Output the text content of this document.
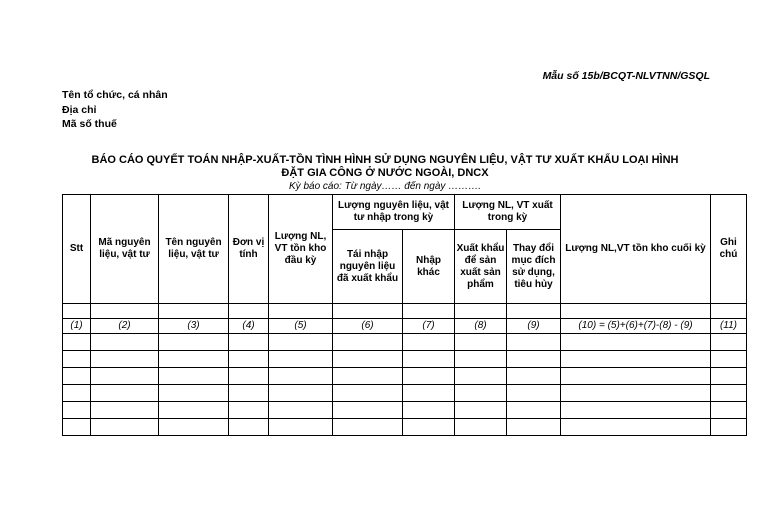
Mẫu số 15b/BCQT-NLVTNN/GSQL
Tên tổ chức, cá nhân
Địa chỉ
Mã số thuế
BÁO CÁO QUYẾT TOÁN NHẬP-XUẤT-TỒN TÌNH HÌNH SỬ DỤNG NGUYÊN LIỆU, VẬT TƯ XUẤT KHẨU LOẠI HÌNH
ĐẶT GIA CÔNG Ở NƯỚC NGOÀI, DNCX
Kỳ báo cáo: Từ ngày…… đến ngày ……….
Stt	Mã nguyên liệu, vật tư	Tên nguyên liệu, vật tư	Đơn vị tính	Lượng NL, VT tồn kho đầu kỳ	Lượng nguyên liệu, vật tư nhập trong kỳ		Lượng NL, VT xuất trong kỳ		Lượng NL,VT tồn kho cuối kỳ	Ghi chú
					Tái nhập nguyên liệu đã xuất khẩu	Nhập khác	Xuất khẩu để sản xuất sản phẩm	Thay đổi mục đích sử dụng, tiêu hủy		

(1)	(2)	(3)	(4)	(5)	(6)	(7)	(8)	(9)	(10) = (5)+(6)+(7)-(8) - (9)	(11)
